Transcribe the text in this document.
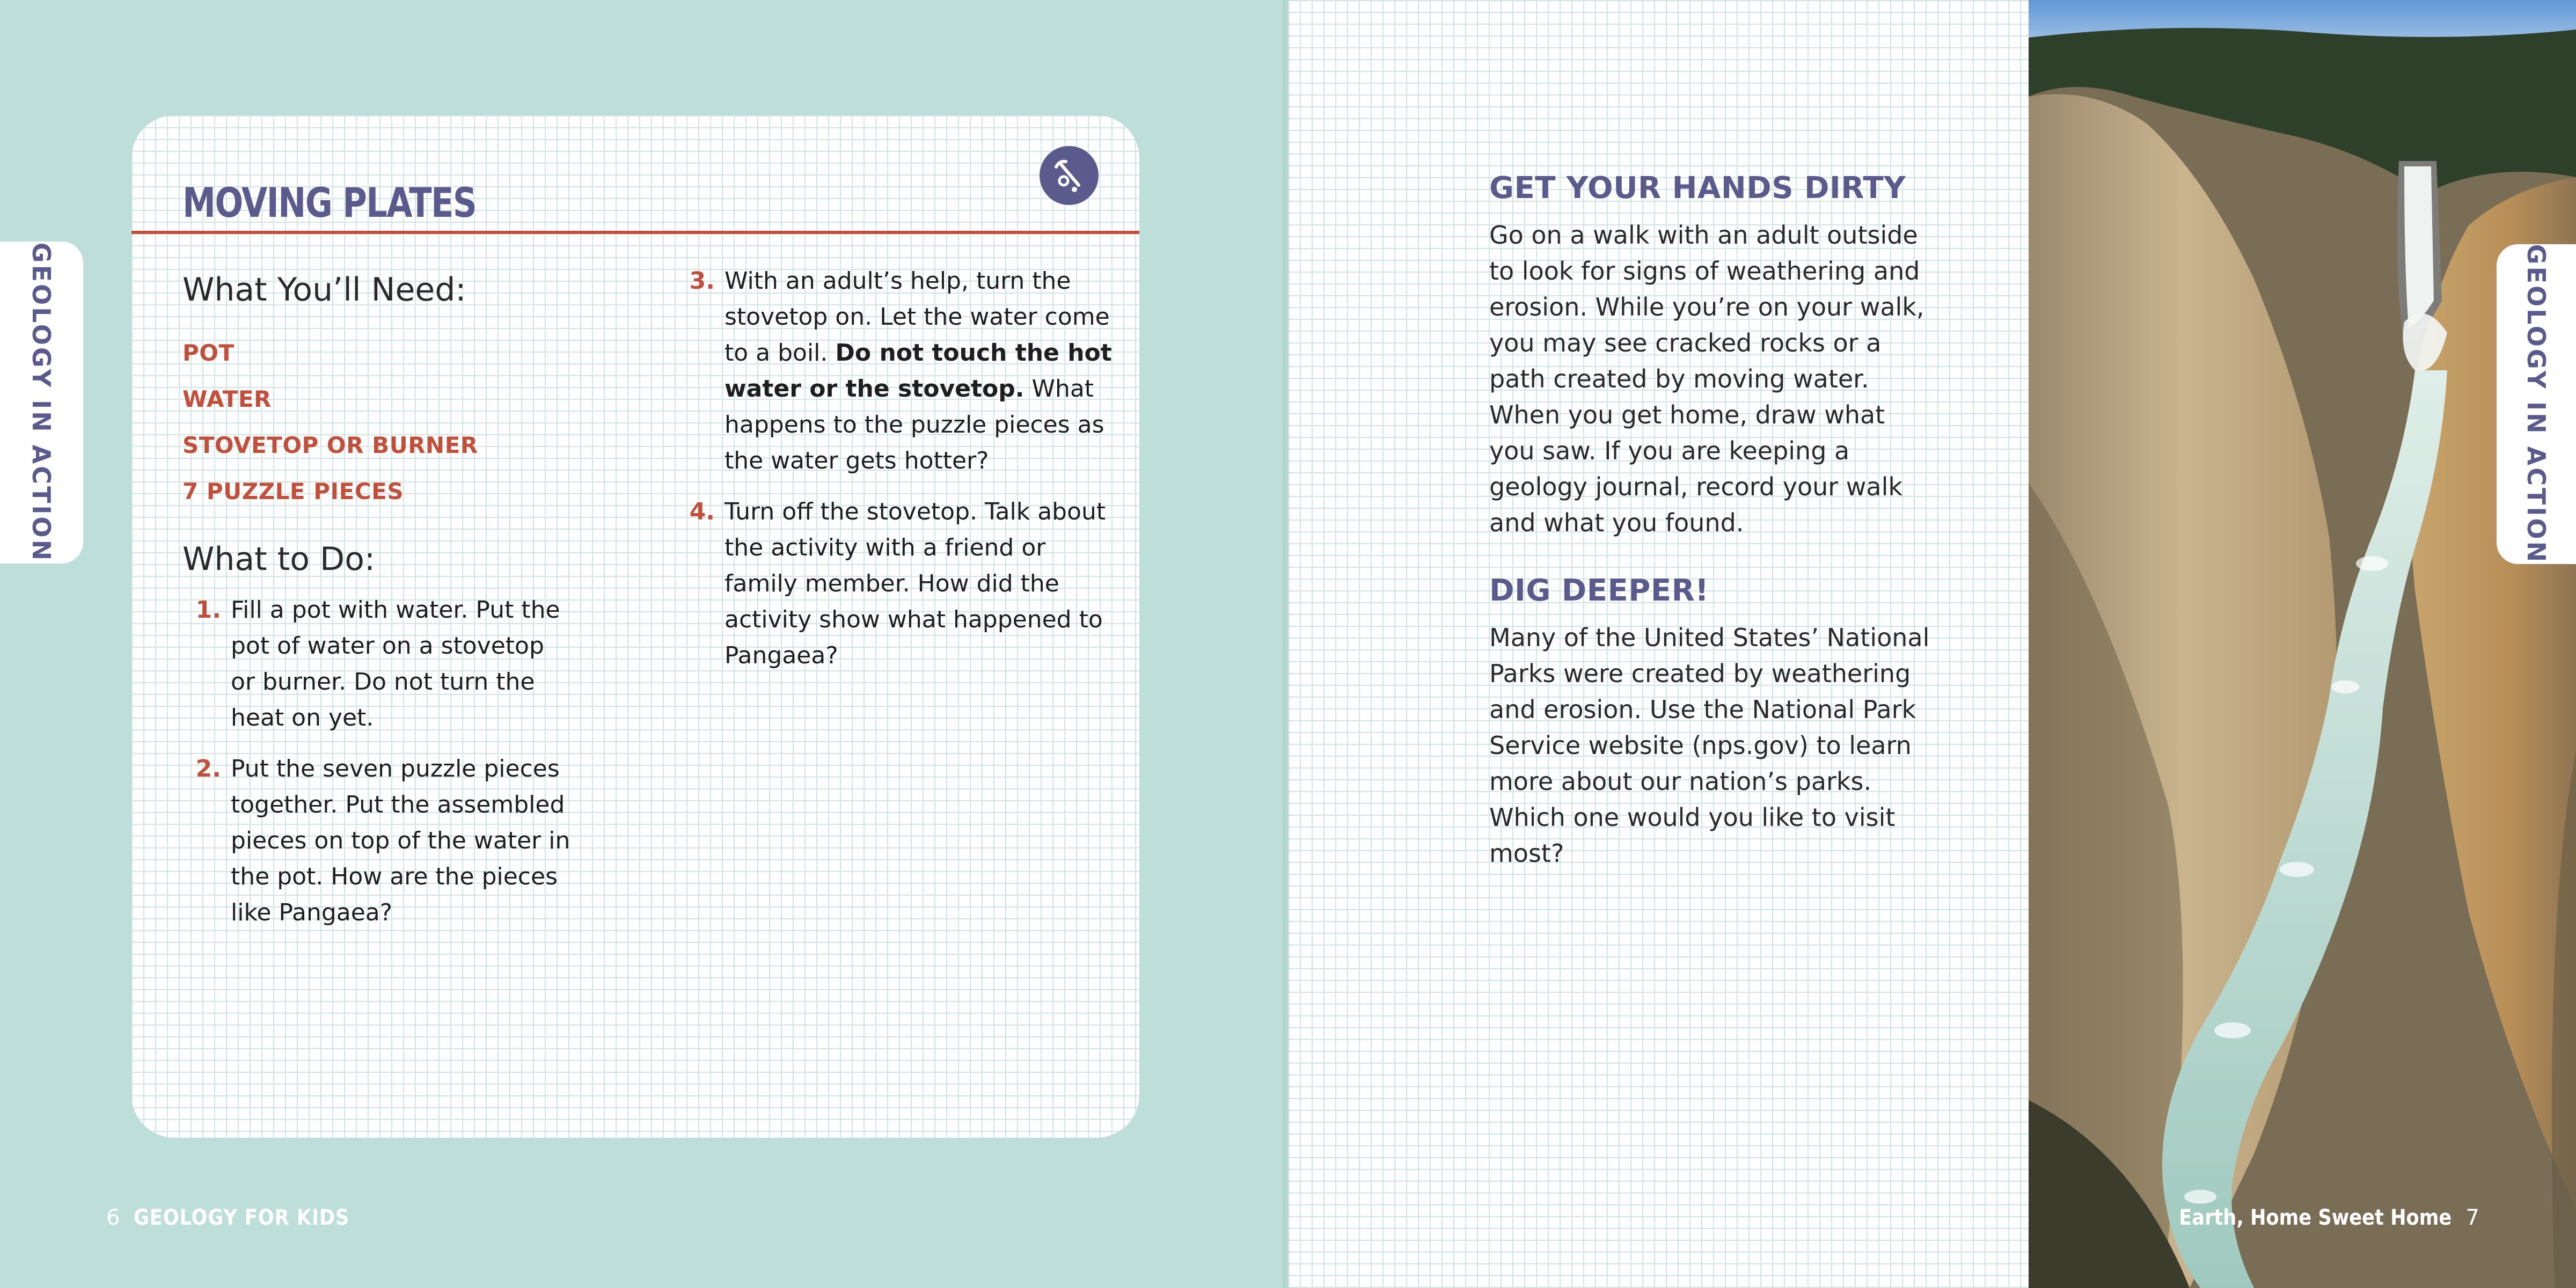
GEOLOGY IN ACTION
MOVING PLATES
What You’ll Need:
POT
WATER
STOVETOP OR BURNER
7 PUZZLE PIECES
What to Do:
1. Fill a pot with water. Put the pot of water on a stovetop or burner. Do not turn the heat on yet.
2. Put the seven puzzle pieces together. Put the assembled pieces on top of the water in the pot. How are the pieces like Pangaea?
3. With an adult’s help, turn the stovetop on. Let the water come to a boil. Do not touch the hot water or the stovetop. What happens to the puzzle pieces as the water gets hotter?
4. Turn off the stovetop. Talk about the activity with a friend or family member. How did the activity show what happened to Pangaea?
6 GEOLOGY FOR KIDS
GET YOUR HANDS DIRTY
Go on a walk with an adult outside to look for signs of weathering and erosion. While you’re on your walk, you may see cracked rocks or a path created by moving water. When you get home, draw what you saw. If you are keeping a geology journal, record your walk and what you found.
DIG DEEPER!
Many of the United States’ National Parks were created by weathering and erosion. Use the National Park Service website (nps.gov) to learn more about our nation’s parks. Which one would you like to visit most?
GEOLOGY IN ACTION
Earth, Home Sweet Home 7
